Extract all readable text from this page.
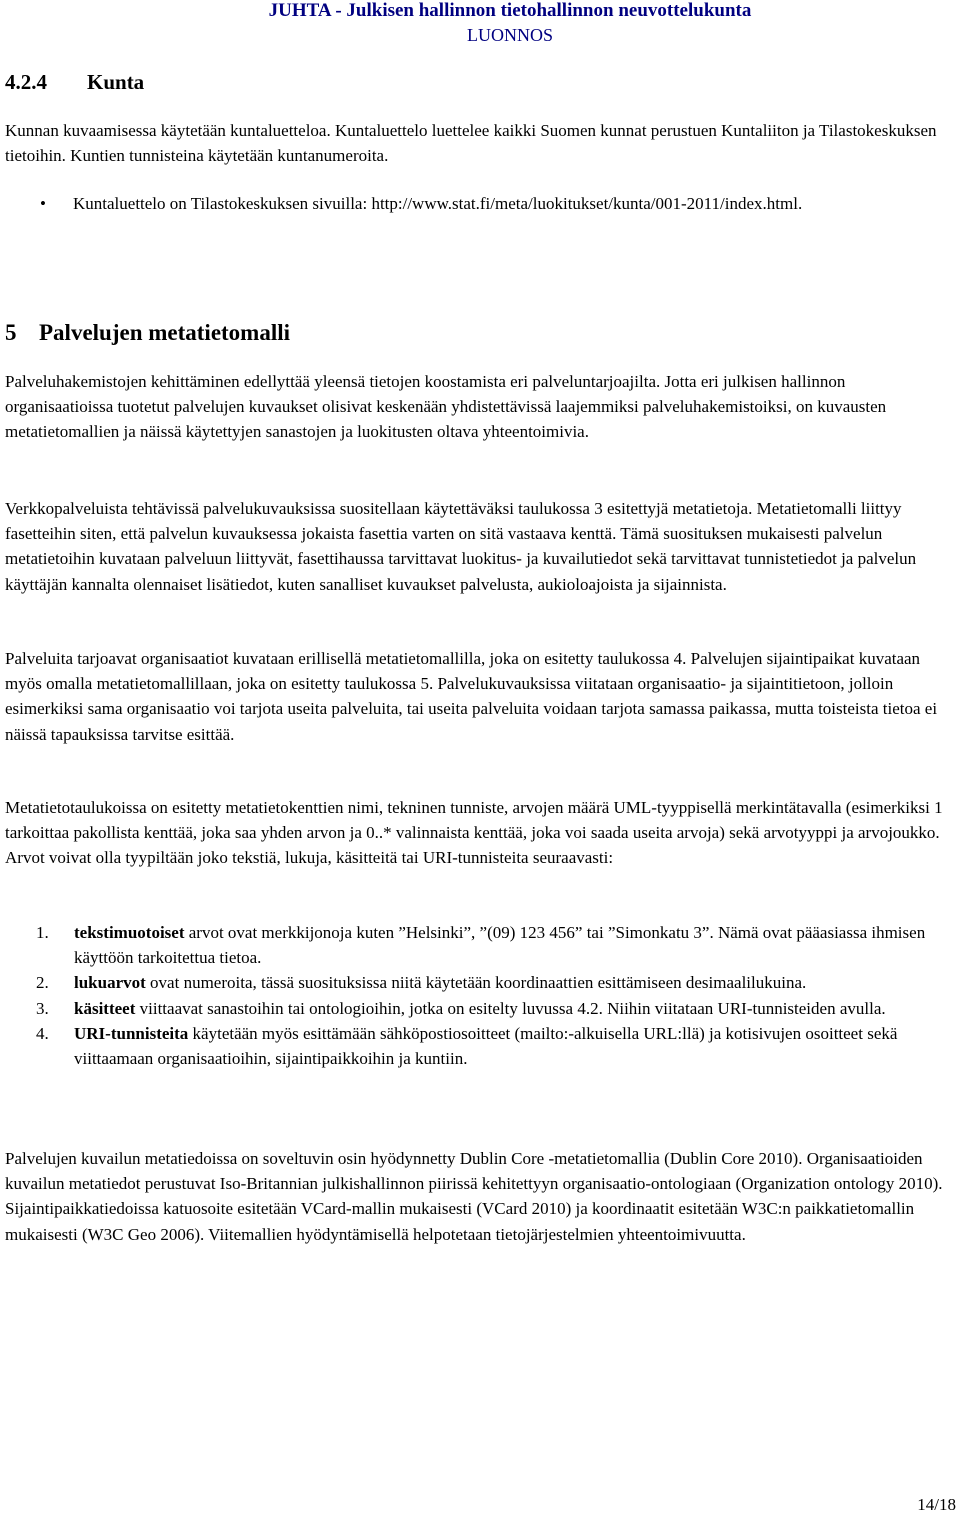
JUHTA - Julkisen hallinnon tietohallinnon neuvottelukunta
LUONNOS
4.2.4 Kunta
Kunnan kuvaamisessa käytetään kuntaluetteloa. Kuntaluettelo luettelee kaikki Suomen kunnat perustuen Kuntaliiton ja Tilastokeskuksen tietoihin. Kuntien tunnisteina käytetään kuntanumeroita.
• Kuntaluettelo on Tilastokeskuksen sivuilla: http://www.stat.fi/meta/luokitukset/kunta/001-2011/index.html.
5 Palvelujen metatietomalli
Palveluhakemistojen kehittäminen edellyttää yleensä tietojen koostamista eri palveluntarjoajilta. Jotta eri julkisen hallinnon organisaatioissa tuotetut palvelujen kuvaukset olisivat keskenään yhdistettävissä laajemmiksi palveluhakemistoiksi, on kuvausten metatietomallien ja näissä käytettyjen sanastojen ja luokitusten oltava yhteentoimivia.
Verkkopalveluista tehtävissä palvelukuvauksissa suositellaan käytettäväksi taulukossa 3 esitettyjä metatietoja. Metatietomalli liittyy fasetteihin siten, että palvelun kuvauksessa jokaista fasettia varten on sitä vastaava kenttä. Tämä suosituksen mukaisesti palvelun metatietoihin kuvataan palveluun liittyvät, fasettihaussa tarvittavat luokitus- ja kuvailutiedot sekä tarvittavat tunnistetiedot ja palvelun käyttäjän kannalta olennaiset lisätiedot, kuten sanalliset kuvaukset palvelusta, aukioloajoista ja sijainnista.
Palveluita tarjoavat organisaatiot kuvataan erillisellä metatietomallilla, joka on esitetty taulukossa 4. Palvelujen sijaintipaikat kuvataan myös omalla metatietomallillaan, joka on esitetty taulukossa 5. Palvelukuvauksissa viitataan organisaatio- ja sijaintitietoon, jolloin esimerkiksi sama organisaatio voi tarjota useita palveluita, tai useita palveluita voidaan tarjota samassa paikassa, mutta toisteista tietoa ei näissä tapauksissa tarvitse esittää.
Metatietotaulukoissa on esitetty metatietokenttien nimi, tekninen tunniste, arvojen määrä UML-tyyppisellä merkintätavalla (esimerkiksi 1 tarkoittaa pakollista kenttää, joka saa yhden arvon ja 0..* valinnaista kenttää, joka voi saada useita arvoja) sekä arvotyyppi ja arvojoukko. Arvot voivat olla tyypiltään joko tekstiä, lukuja, käsitteitä tai URI-tunnisteita seuraavasti:
1.	tekstimuotoiset arvot ovat merkkijonoja kuten ”Helsinki”, ”(09) 123 456” tai ”Simonkatu 3”. Nämä ovat pääasiassa ihmisen käyttöön tarkoitettua tietoa.
2.	lukuarvot ovat numeroita, tässä suosituksissa niitä käytetään koordinaattien esittämiseen desimaalilukuina.
3.	käsitteet viittaavat sanastoihin tai ontologioihin, jotka on esitelty luvussa 4.2. Niihin viitataan URI-tunnisteiden avulla.
4.	URI-tunnisteita käytetään myös esittämään sähköpostiosoitteet (mailto:-alkuisella URL:llä) ja kotisivujen osoitteet sekä viittaamaan organisaatioihin, sijaintipaikkoihin ja kuntiin.
Palvelujen kuvailun metatiedoissa on soveltuvin osin hyödynnetty Dublin Core -metatietomallia (Dublin Core 2010). Organisaatioiden kuvailun metatiedot perustuvat Iso-Britannian julkishallinnon piirissä kehitettyyn organisaatio-ontologiaan (Organization ontology 2010). Sijaintipaikkatiedoissa katuosoite esitetään VCard-mallin mukaisesti (VCard 2010) ja koordinaatit esitetään W3C:n paikkatietomallin mukaisesti (W3C Geo 2006). Viitemallien hyödyntämisellä helpotetaan tietojärjestelmien yhteentoimivuutta.
14/18
